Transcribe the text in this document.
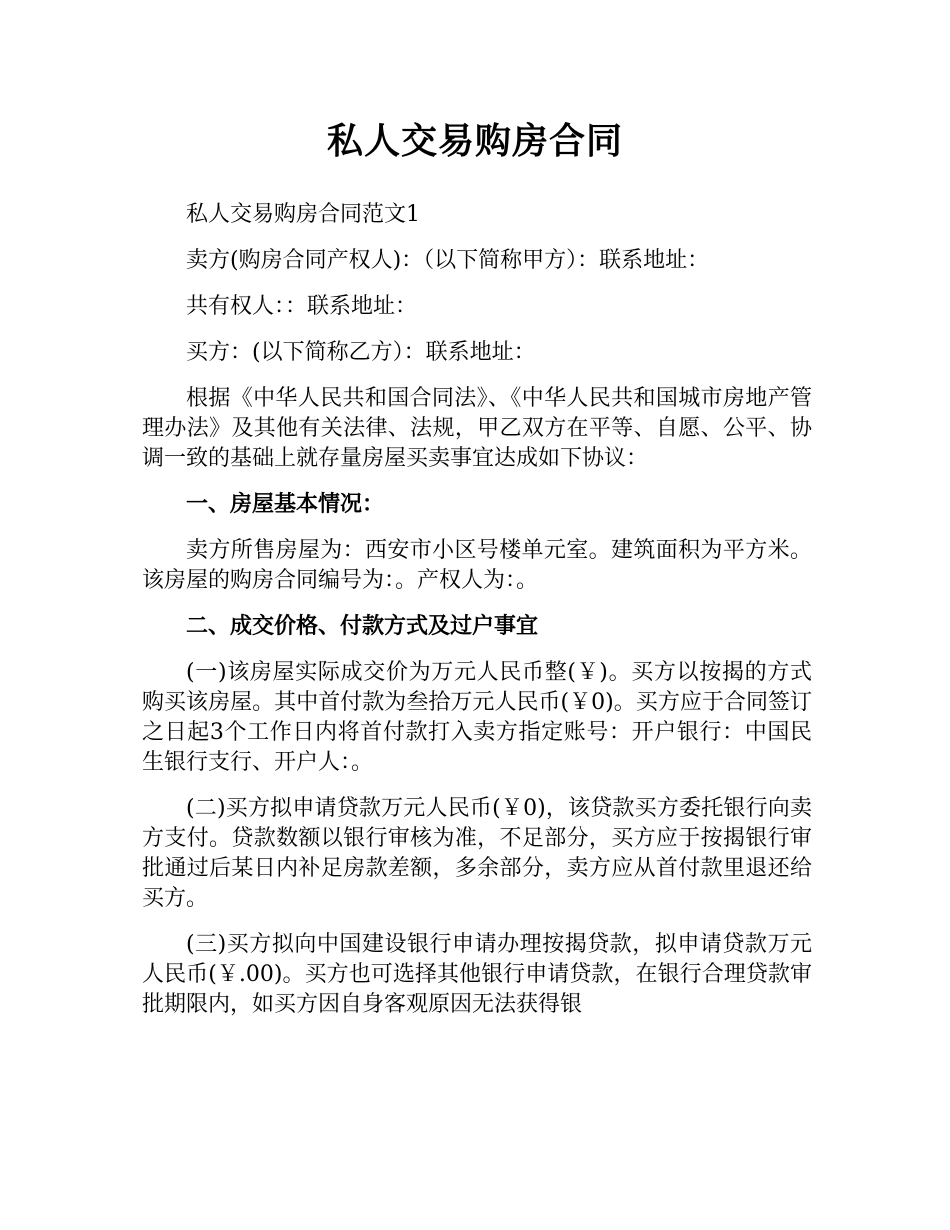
私人交易购房合同

私人交易购房合同范文1

卖方(购房合同产权人)：（以下简称甲方）：联系地址：

共有权人：：联系地址：

买方：(以下简称乙方）：联系地址：

根据《中华人民共和国合同法》、《中华人民共和国城市房地产管理办法》及其他有关法律、法规，甲乙双方在平等、自愿、公平、协调一致的基础上就存量房屋买卖事宜达成如下协议：

一、房屋基本情况：

卖方所售房屋为：西安市小区号楼单元室。建筑面积为平方米。该房屋的购房合同编号为：。产权人为：。

二、成交价格、付款方式及过户事宜

(一)该房屋实际成交价为万元人民币整(￥)。买方以按揭的方式购买该房屋。其中首付款为叁拾万元人民币(￥0)。买方应于合同签订之日起3个工作日内将首付款打入卖方指定账号：开户银行：中国民生银行支行、开户人：。

(二)买方拟申请贷款万元人民币(￥0)，该贷款买方委托银行向卖方支付。贷款数额以银行审核为准，不足部分，买方应于按揭银行审批通过后某日内补足房款差额，多余部分，卖方应从首付款里退还给买方。

(三)买方拟向中国建设银行申请办理按揭贷款，拟申请贷款万元人民币(￥.00)。买方也可选择其他银行申请贷款，在银行合理贷款审批期限内，如买方因自身客观原因无法获得银
